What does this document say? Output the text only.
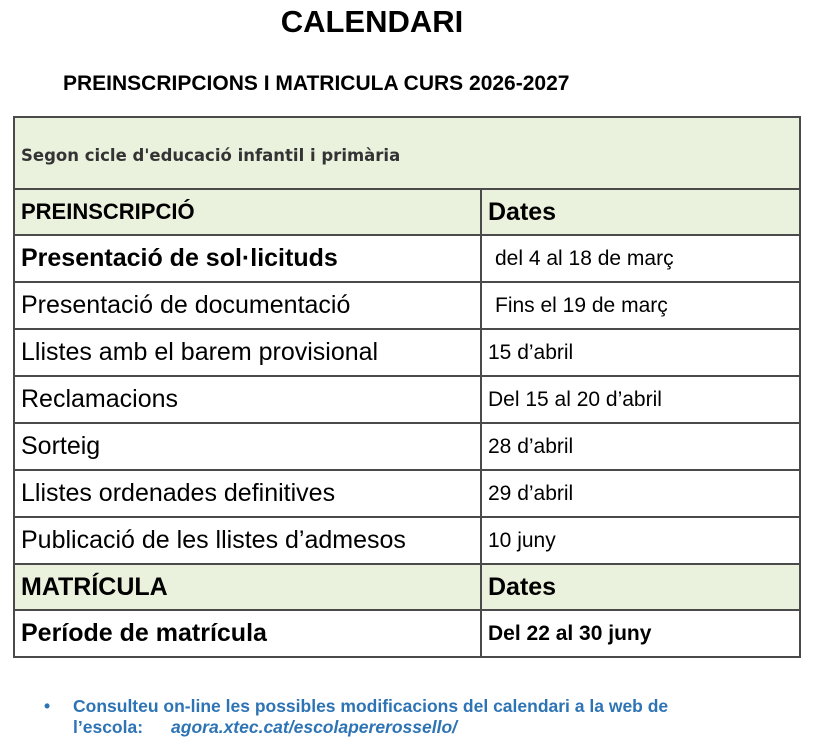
CALENDARI
PREINSCRIPCIONS I MATRICULA CURS 2026-2027
Segon cicle d'educació infantil i primària	
PREINSCRIPCIÓ	Dates
Presentació de sol·licituds	del 4 al 18 de març
Presentació de documentació	Fins el 19 de març
Llistes amb el barem provisional	15 d’abril
Reclamacions	Del 15 al 20 d’abril
Sorteig	28 d’abril
Llistes ordenades definitives	29 d’abril
Publicació de les llistes d’admesos	10 juny
MATRÍCULA	Dates
Període de matrícula	Del 22 al 30 juny
• Consulteu on-line les possibles modificacions del calendari a la web de
l’escola: agora.xtec.cat/escolapererossello/
